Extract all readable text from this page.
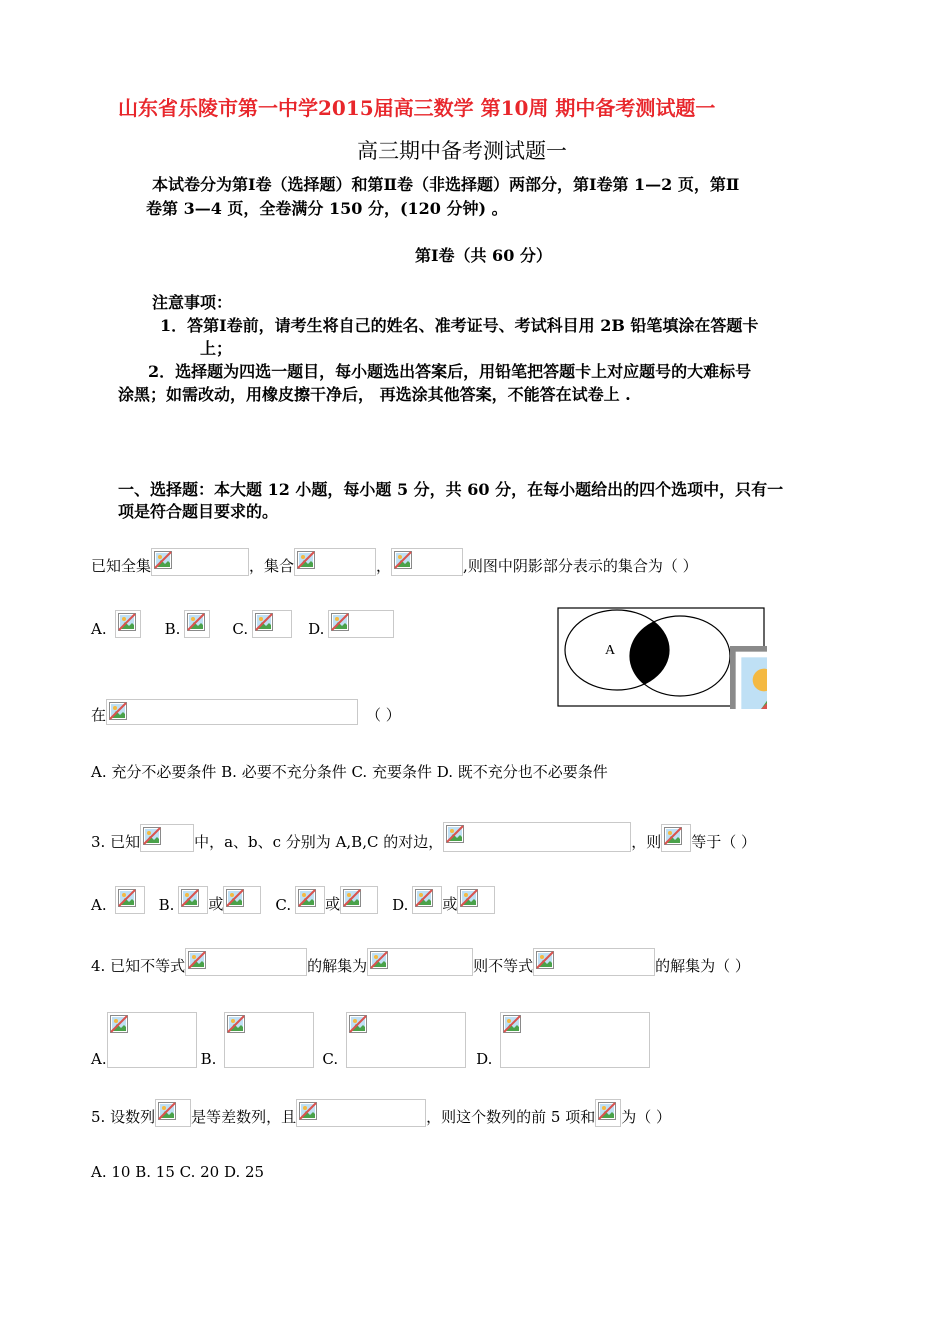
山东省乐陵市第一中学2015届高三数学 第10周 期中备考测试题一
高三期中备考测试题一
本试卷分为第Ⅰ卷（选择题）和第Ⅱ卷（非选择题）两部分，第Ⅰ卷第 1—2 页，第Ⅱ
卷第 3—4 页，全卷满分 150 分，(120 分钟) 。
第Ⅰ卷（共 60 分）
注意事项：
1．答第Ⅰ卷前，请考生将自己的姓名、准考证号、考试科目用 2B 铅笔填涂在答题卡
上；
2．选择题为四选一题目，每小题选出答案后，用铅笔把答题卡上对应题号的大难标号
涂黑；如需改动，用橡皮擦干净后， 再选涂其他答案，不能答在试卷上 .
一、选择题：本大题 12 小题，每小题 5 分，共 60 分，在每小题给出的四个选项中，只有一
项是符合题目要求的。
已知全集	，集合	，	,则图中阴影部分表示的集合为（ ）
A.	B.	C.	D.
A
在	（ ）
A. 充分不必要条件 B. 必要不充分条件 C. 充要条件 D. 既不充分也不必要条件
3. 已知	中，a、b、c 分别为 A,B,C 的对边，	，则 等于（ ）
A.	B. 或	C. 或	D. 或
4. 已知不等式	的解集为	则不等式	的解集为（ ）
A.	B.	C.	D.
5. 设数列 是等差数列，且	，则这个数列的前 5 项和 为（ ）
A. 10 B. 15 C. 20 D. 25
